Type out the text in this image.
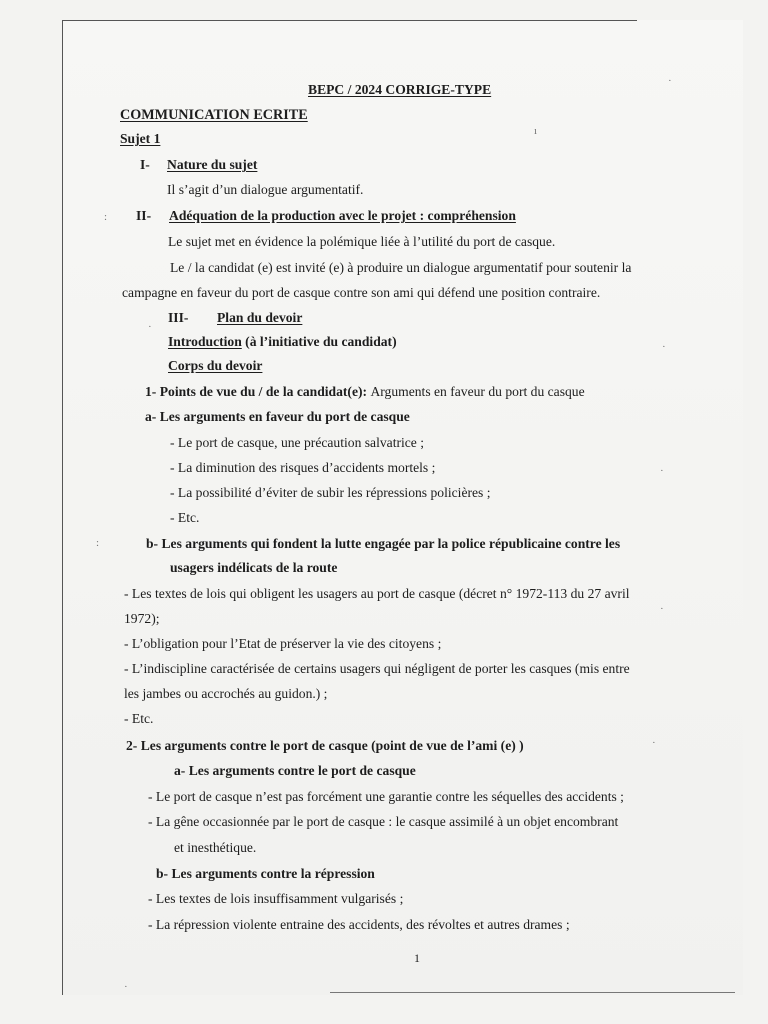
BEPC / 2024 CORRIGE-TYPE
COMMUNICATION ECRITE
Sujet 1
I- Nature du sujet
Il s’agit d’un dialogue argumentatif.
II- Adéquation de la production avec le projet : compréhension
Le sujet met en évidence la polémique liée à l’utilité du port de casque.
Le / la candidat (e) est invité (e) à produire un dialogue argumentatif pour soutenir la
campagne en faveur du port de casque contre son ami qui défend une position contraire.
III- Plan du devoir
Introduction (à l’initiative du candidat)
Corps du devoir
1- Points de vue du / de la candidat(e): Arguments en faveur du port du casque
a- Les arguments en faveur du port de casque
- Le port de casque, une précaution salvatrice ;
- La diminution des risques d’accidents mortels ;
- La possibilité d’éviter de subir les répressions policières ;
- Etc.
b- Les arguments qui fondent la lutte engagée par la police républicaine contre les
usagers indélicats de la route
- Les textes de lois qui obligent les usagers au port de casque (décret n° 1972-113 du 27 avril
1972);
- L’obligation pour l’Etat de préserver la vie des citoyens ;
- L’indiscipline caractérisée de certains usagers qui négligent de porter les casques (mis entre
les jambes ou accrochés au guidon.) ;
- Etc.
2- Les arguments contre le port de casque (point de vue de l’ami (e) )
a- Les arguments contre le port de casque
- Le port de casque n’est pas forcément une garantie contre les séquelles des accidents ;
- La gêne occasionnée par le port de casque : le casque assimilé à un objet encombrant
et inesthétique.
b- Les arguments contre la répression
- Les textes de lois insuffisamment vulgarisés ;
- La répression violente entraine des accidents, des révoltes et autres drames ;
1
·
ı
:
·
·
·
:
·
·
·
